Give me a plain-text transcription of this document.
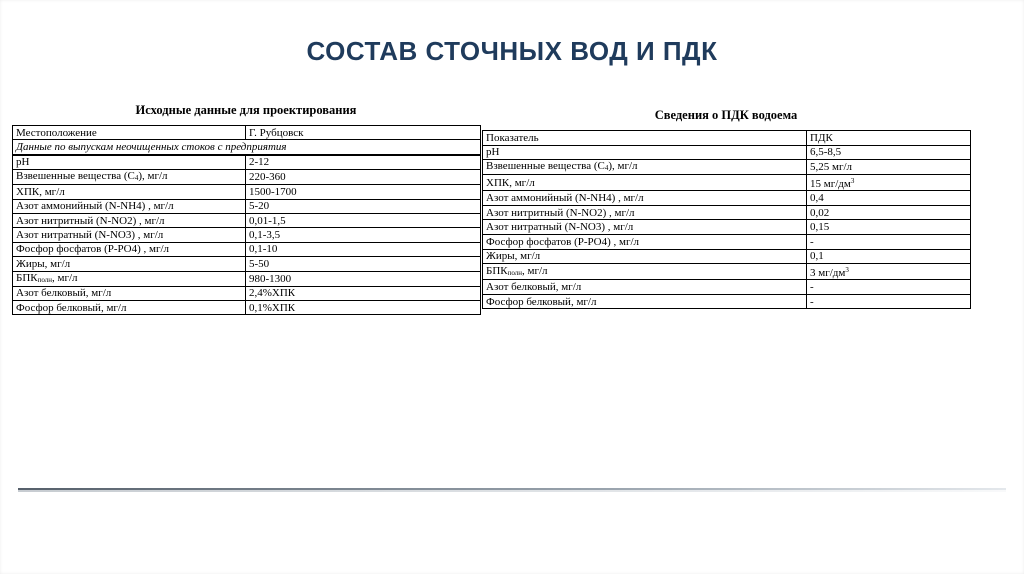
СОСТАВ СТОЧНЫХ ВОД И ПДК
Исходные данные для проектирования
Местоположение	Г. Рубцовск
Данные по выпускам неочищенных стоков с предприятия	
pH	2-12
Взвешенные вещества (С4), мг/л	220-360
ХПК, мг/л	1500-1700
Азот аммонийный (N-NH4) , мг/л	5-20
Азот нитритный (N-NO2) , мг/л	0,01-1,5
Азот нитратный (N-NO3) , мг/л	0,1-3,5
Фосфор фосфатов (P-PO4) , мг/л	0,1-10
Жиры, мг/л	5-50
БПКполн, мг/л	980-1300
Азот белковый, мг/л	2,4%ХПК
Фосфор белковый, мг/л	0,1%ХПК
Сведения о ПДК водоема
Показатель	ПДК
pH	6,5-8,5
Взвешенные вещества (С4), мг/л	5,25 мг/л
ХПК, мг/л	15 $мг/дм^3$
Азот аммонийный (N-NH4) , мг/л	0,4
Азот нитритный (N-NO2) , мг/л	0,02
Азот нитратный (N-NO3) , мг/л	0,15
Фосфор фосфатов (P-PO4) , мг/л	-
Жиры, мг/л	0,1
БПКполн, мг/л	3 $мг/дм^3$
Азот белковый, мг/л	-
Фосфор белковый, мг/л	-
